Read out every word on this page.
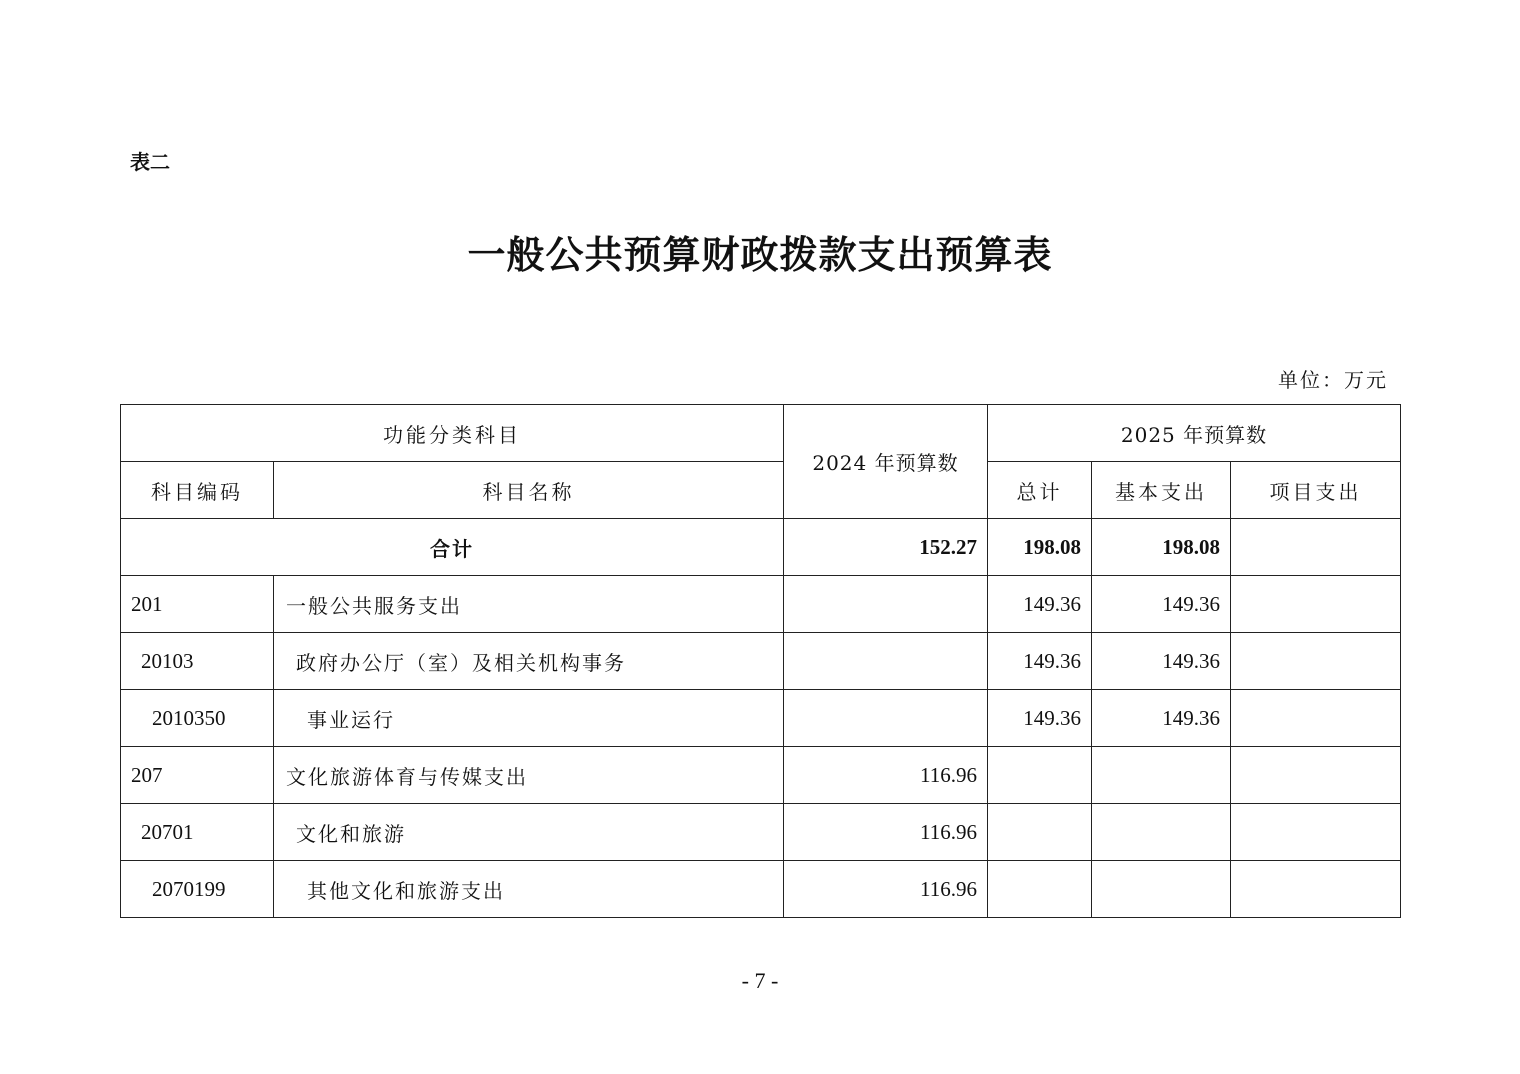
表二
一般公共预算财政拨款支出预算表
单位：万元
功能分类科目		2024 年预算数	2025 年预算数		
科目编码	科目名称		总计	基本支出	项目支出
合计		152.27	198.08	198.08	
201	一般公共服务支出		149.36	149.36	
20103	政府办公厅（室）及相关机构事务		149.36	149.36	
2010350	事业运行		149.36	149.36	
207	文化旅游体育与传媒支出	116.96			
20701	文化和旅游	116.96			
2070199	其他文化和旅游支出	116.96			
- 7 -
